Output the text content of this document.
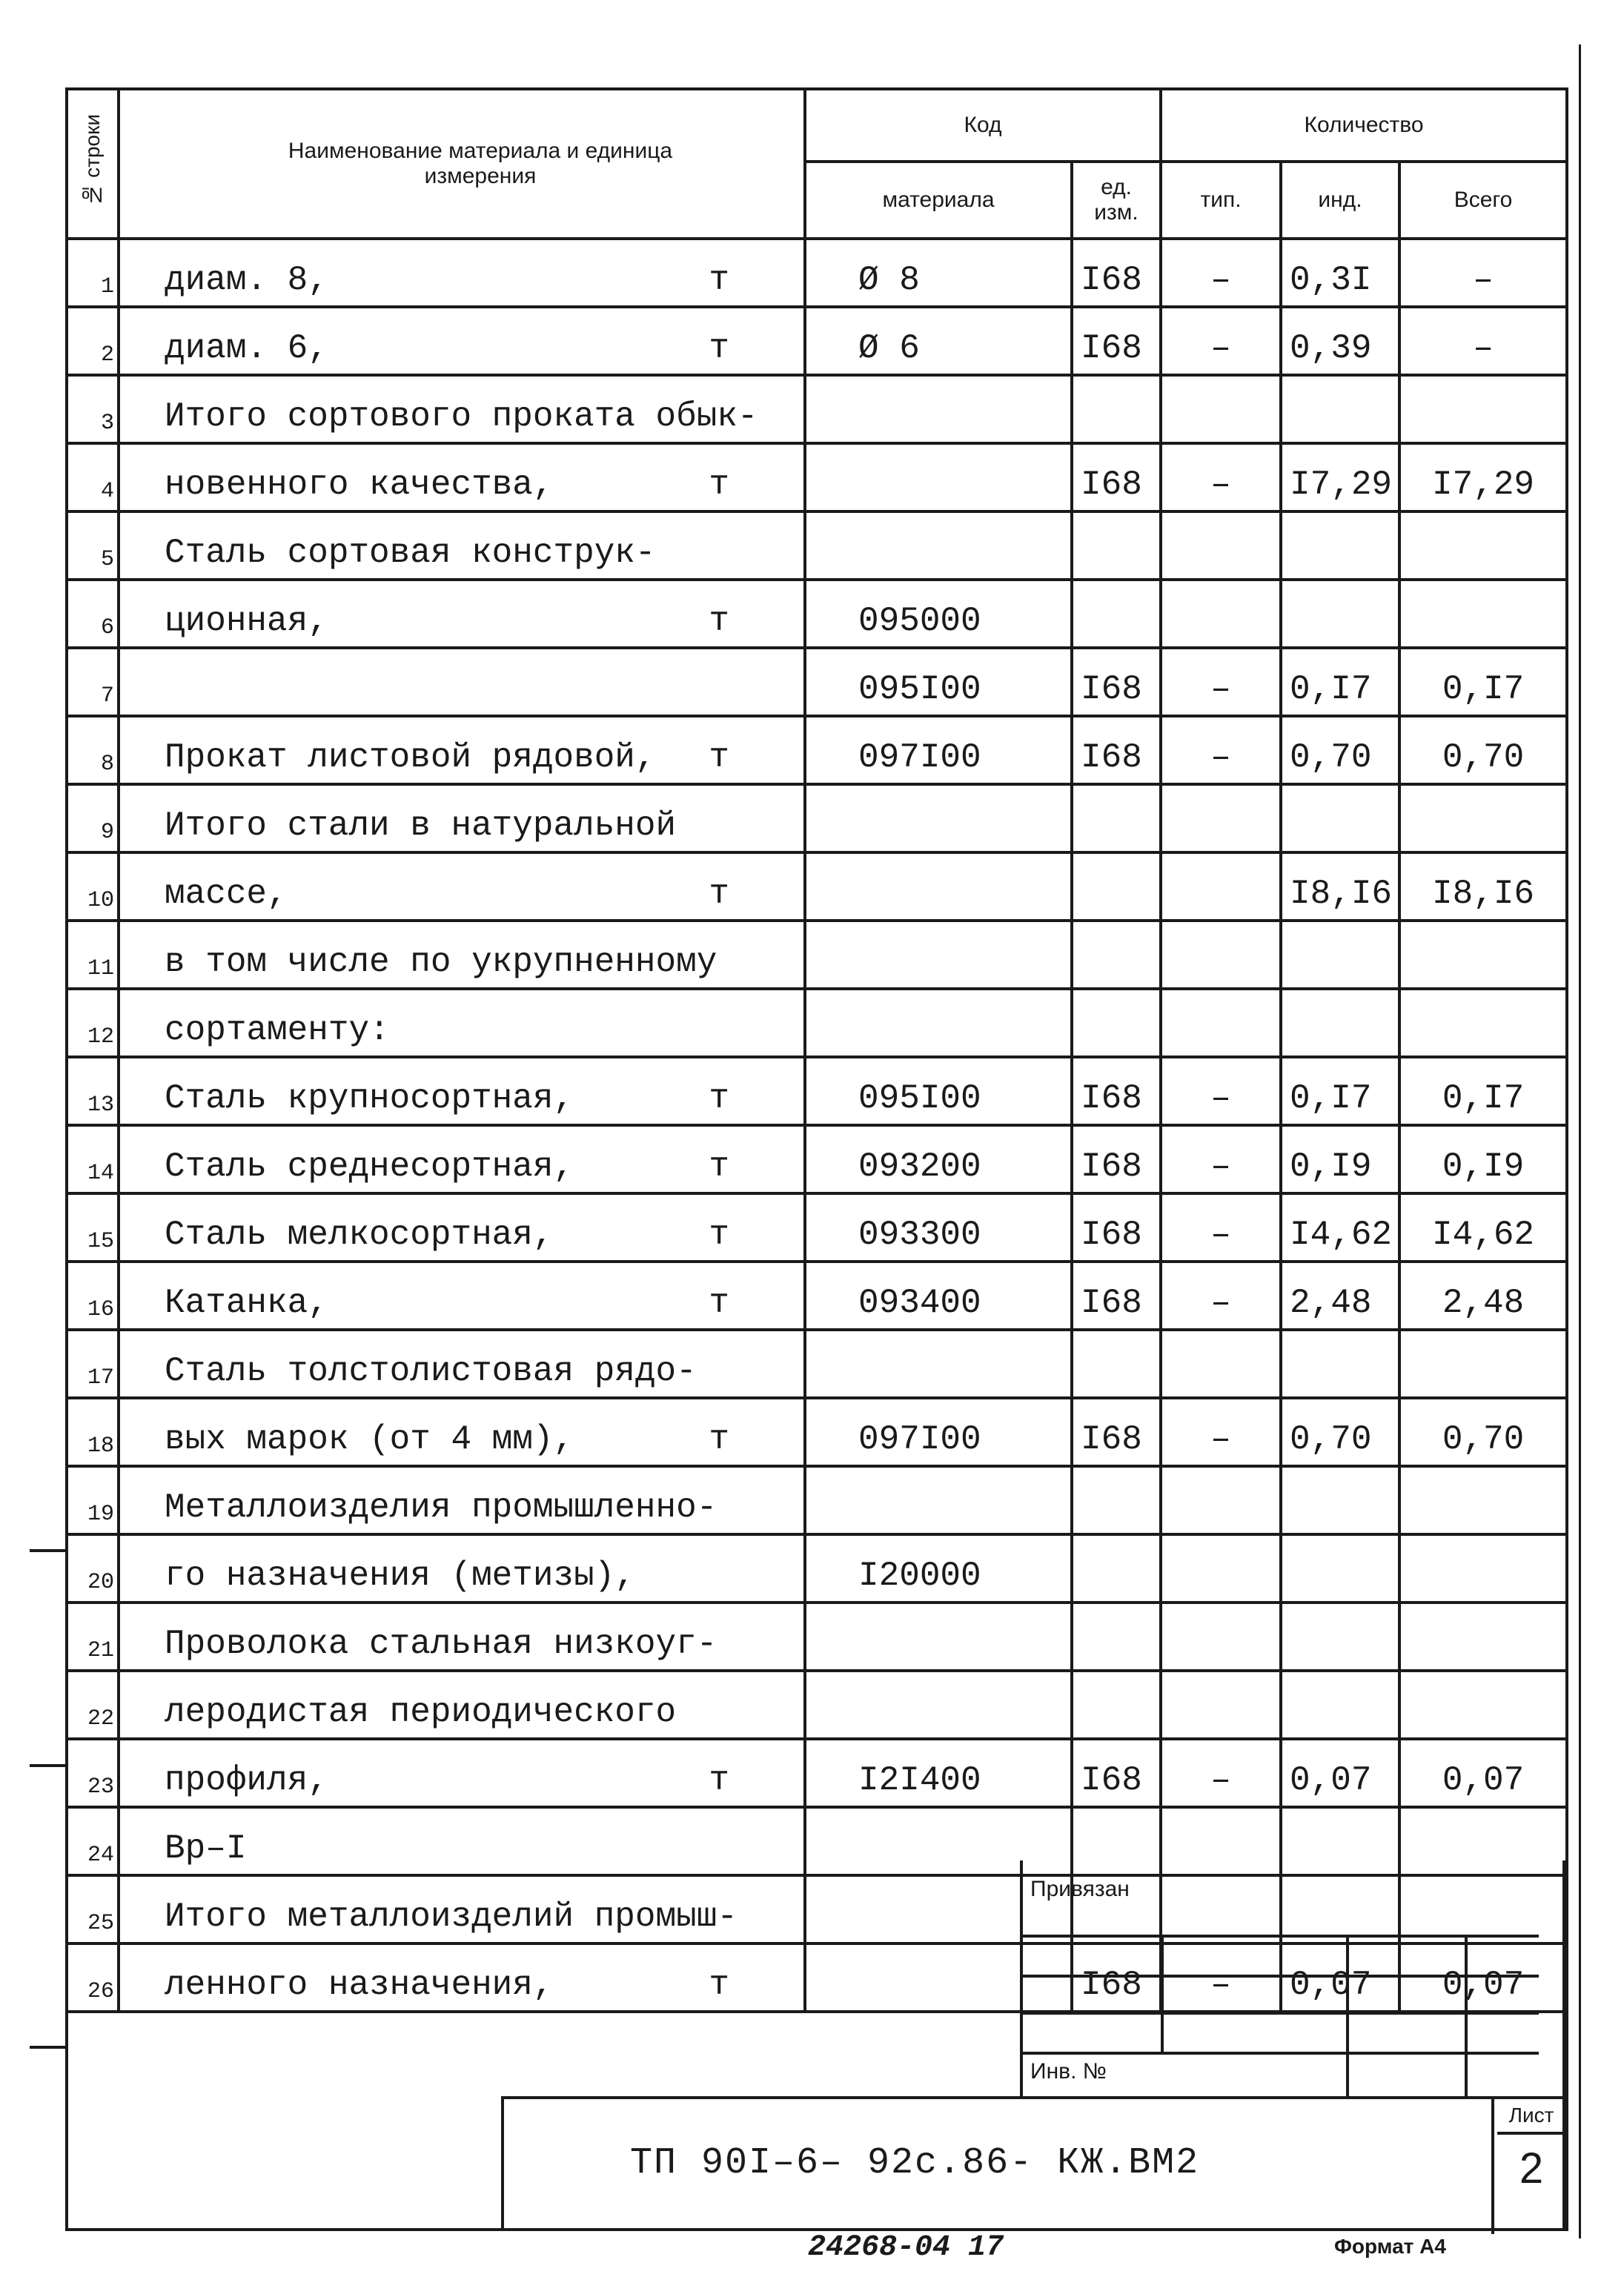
№ строки	Наименование материала и единица измерения	Код		Количество		
		материала	ед. изм.	тип.	инд.	Всего
1	диам. 8, т	Ø 8	I68	–	0,3I	–
2	диам. 6, т	Ø 6	I68	–	0,39	–
3	Итого сортового проката обык-

4	новенного качества, т		I68	–	I7,29	I7,29
5	Сталь сортовая конструк-

6	ционная, т	095000				
7		095I00	I68	–	0,I7	0,I7
8	Прокат листовой рядовой, т	097I00	I68	–	0,70	0,70
9	Итого стали в натуральной

10	массе, т				I8,I6	I8,I6
11	в том числе по укрупненному

12	сортаменту:

13	Сталь крупносортная, т	095I00	I68	–	0,I7	0,I7
14	Сталь среднесортная, т	093200	I68	–	0,I9	0,I9
15	Сталь мелкосортная, т	093300	I68	–	I4,62	I4,62
16	Катанка, т	093400	I68	–	2,48	2,48
17	Сталь толстолистовая рядо-

18	вых марок (от 4 мм), т	097I00	I68	–	0,70	0,70
19	Металлоизделия промышленно-

20	го назначения (метизы),	I20000				
21	Проволока стальная низкоуг-

22	леродистая периодического

23	профиля, т	I2I400	I68	–	0,07	0,07
24	Вр–I

25	Итого металлоизделий промыш-

26	ленного назначения, т		I68	–	0,07	0,07
Привязан
Инв. №
ТП 90I–6– 92с.86- КЖ.ВМ2
Лист
2
24268-04 17	Формат А4
